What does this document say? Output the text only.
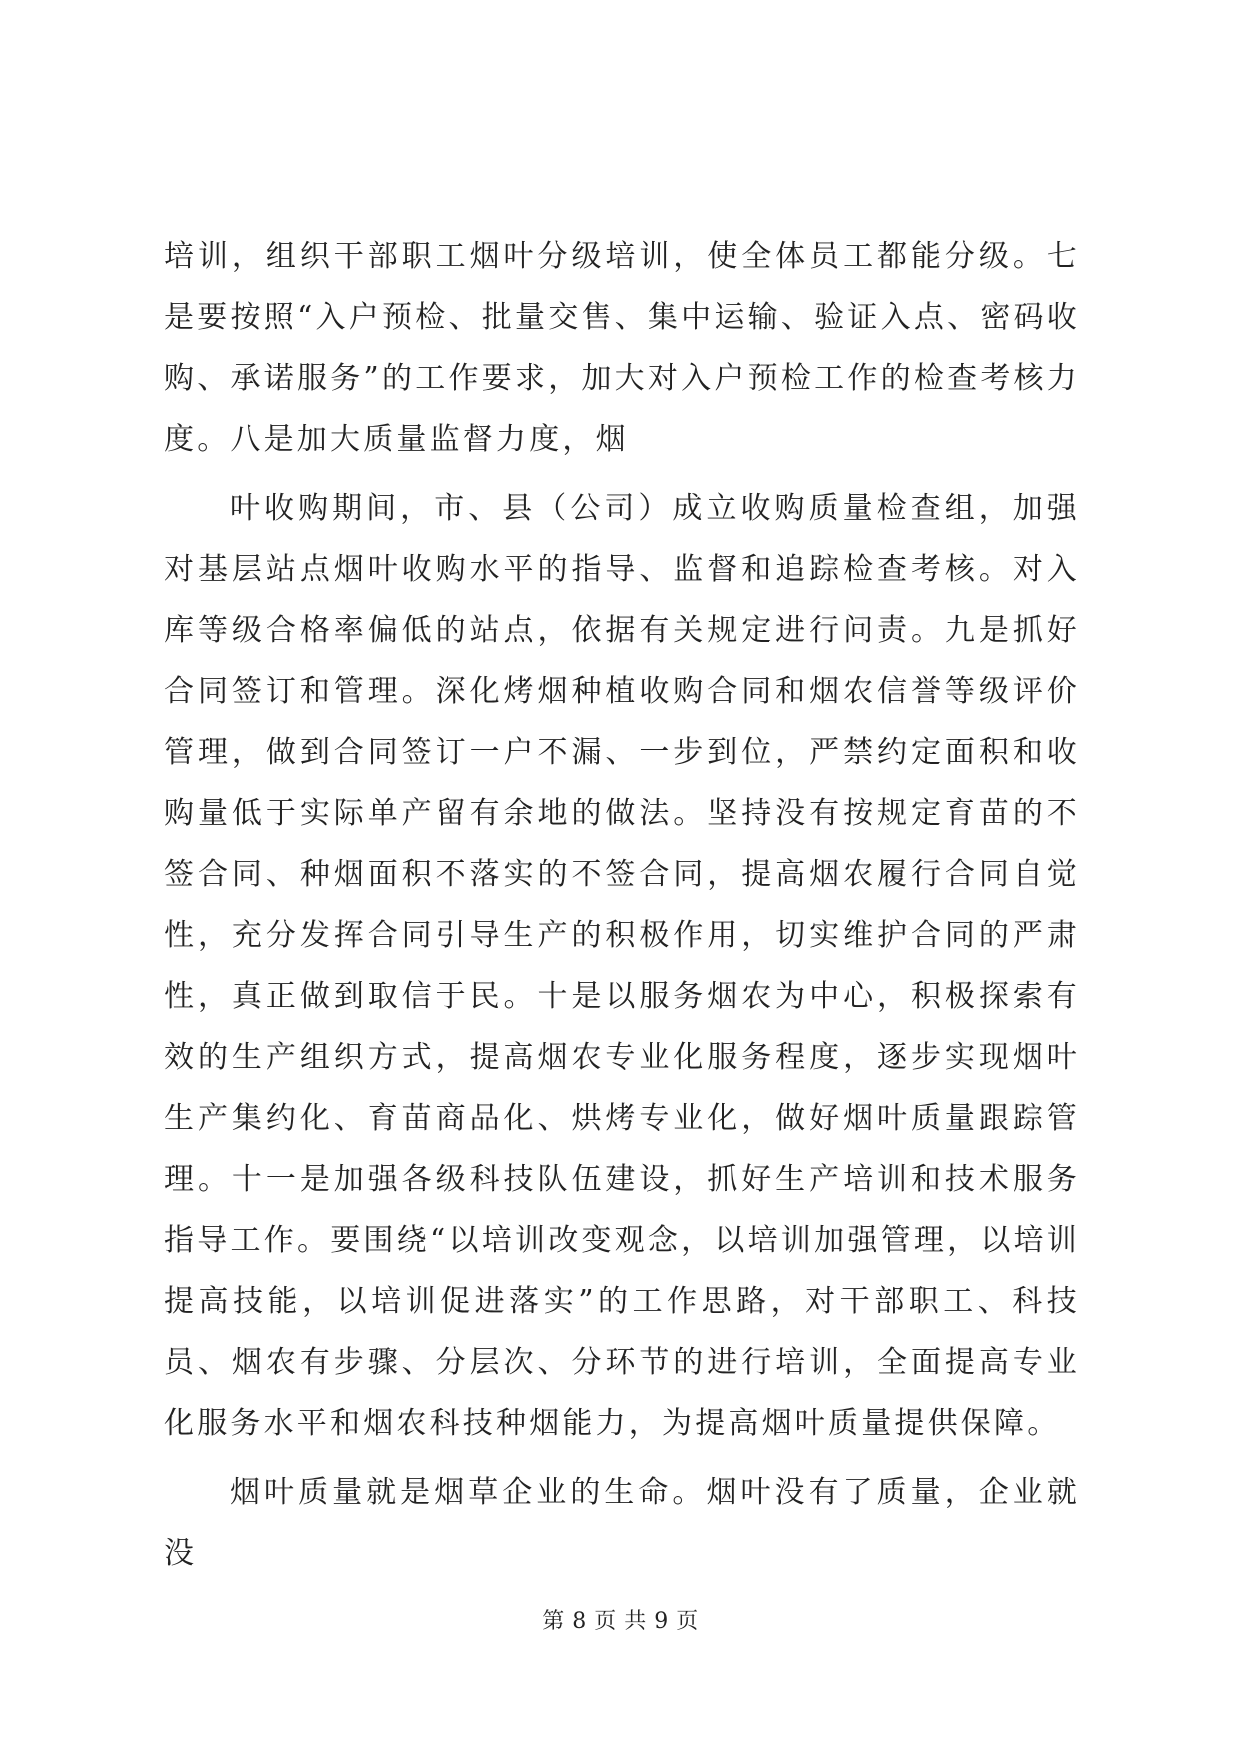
培训，组织干部职工烟叶分级培训，使全体员工都能分级。七是要按照“入户预检、批量交售、集中运输、验证入点、密码收购、承诺服务”的工作要求，加大对入户预检工作的检查考核力度。八是加大质量监督力度，烟

叶收购期间，市、县（公司）成立收购质量检查组，加强对基层站点烟叶收购水平的指导、监督和追踪检查考核。对入库等级合格率偏低的站点，依据有关规定进行问责。九是抓好合同签订和管理。深化烤烟种植收购合同和烟农信誉等级评价管理，做到合同签订一户不漏、一步到位，严禁约定面积和收购量低于实际单产留有余地的做法。坚持没有按规定育苗的不签合同、种烟面积不落实的不签合同，提高烟农履行合同自觉性，充分发挥合同引导生产的积极作用，切实维护合同的严肃性，真正做到取信于民。十是以服务烟农为中心，积极探索有效的生产组织方式，提高烟农专业化服务程度，逐步实现烟叶生产集约化、育苗商品化、烘烤专业化，做好烟叶质量跟踪管理。十一是加强各级科技队伍建设，抓好生产培训和技术服务指导工作。要围绕“以培训改变观念，以培训加强管理，以培训提高技能，以培训促进落实”的工作思路，对干部职工、科技员、烟农有步骤、分层次、分环节的进行培训，全面提高专业化服务水平和烟农科技种烟能力，为提高烟叶质量提供保障。

烟叶质量就是烟草企业的生命。烟叶没有了质量，企业就没

第 8 页 共 9 页
